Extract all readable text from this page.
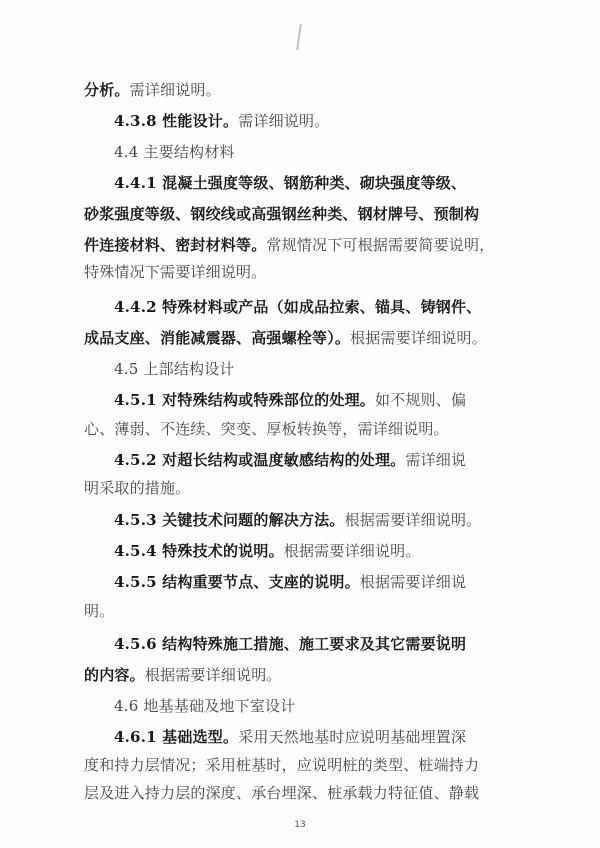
分析。需详细说明。
4.3.8 性能设计。需详细说明。
4.4 主要结构材料
4.4.1 混凝土强度等级、钢筋种类、砌块强度等级、
砂浆强度等级、钢绞线或高强钢丝种类、钢材牌号、预制构
件连接材料、密封材料等。常规情况下可根据需要简要说明，
特殊情况下需要详细说明。
4.4.2 特殊材料或产品（如成品拉索、锚具、铸钢件、
成品支座、消能减震器、高强螺栓等）。根据需要详细说明。
4.5 上部结构设计
4.5.1 对特殊结构或特殊部位的处理。如不规则、偏
心、薄弱、不连续、突变、厚板转换等，需详细说明。
4.5.2 对超长结构或温度敏感结构的处理。需详细说
明采取的措施。
4.5.3 关键技术问题的解决方法。根据需要详细说明。
4.5.4 特殊技术的说明。根据需要详细说明。
4.5.5 结构重要节点、支座的说明。根据需要详细说
明。
4.5.6 结构特殊施工措施、施工要求及其它需要说明
的内容。根据需要详细说明。
4.6 地基基础及地下室设计
4.6.1 基础选型。采用天然地基时应说明基础埋置深
度和持力层情况；采用桩基时，应说明桩的类型、桩端持力
层及进入持力层的深度、承台埋深、桩承载力特征值、静载
13
